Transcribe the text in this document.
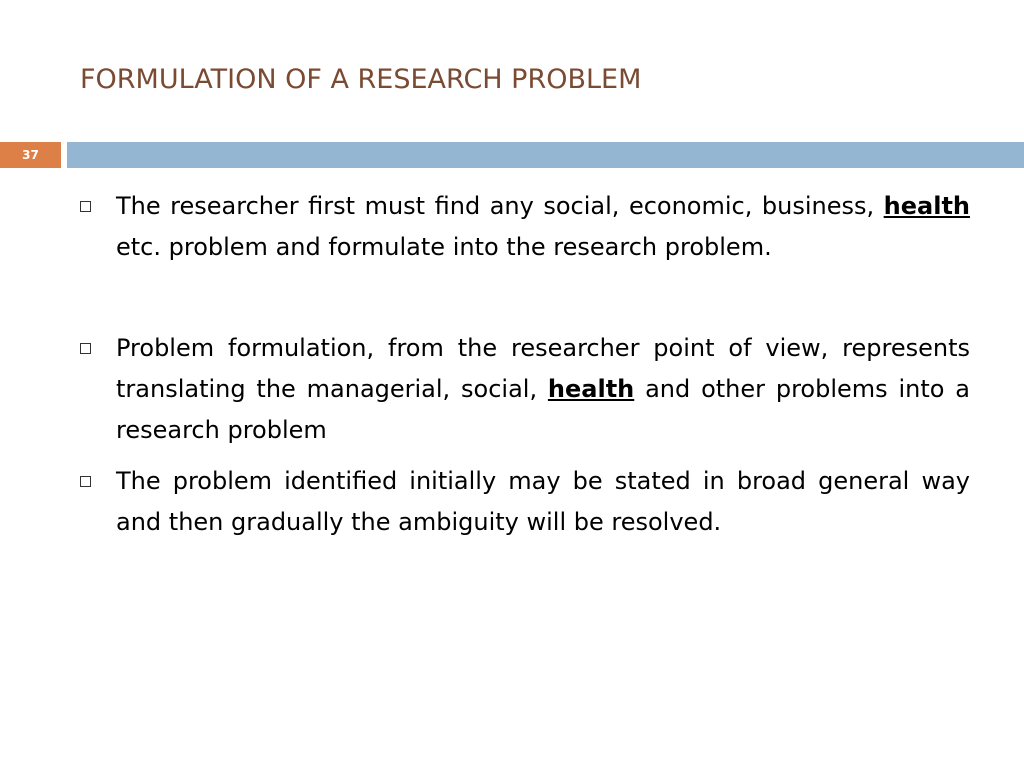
FORMULATION OF A RESEARCH PROBLEM
37
The researcher first must find any social, economic, business, health etc. problem and formulate into the research problem.
Problem formulation, from the researcher point of view, represents translating the managerial, social, health and other problems into a research problem
The problem identified initially may be stated in broad general way and then gradually the ambiguity will be resolved.
